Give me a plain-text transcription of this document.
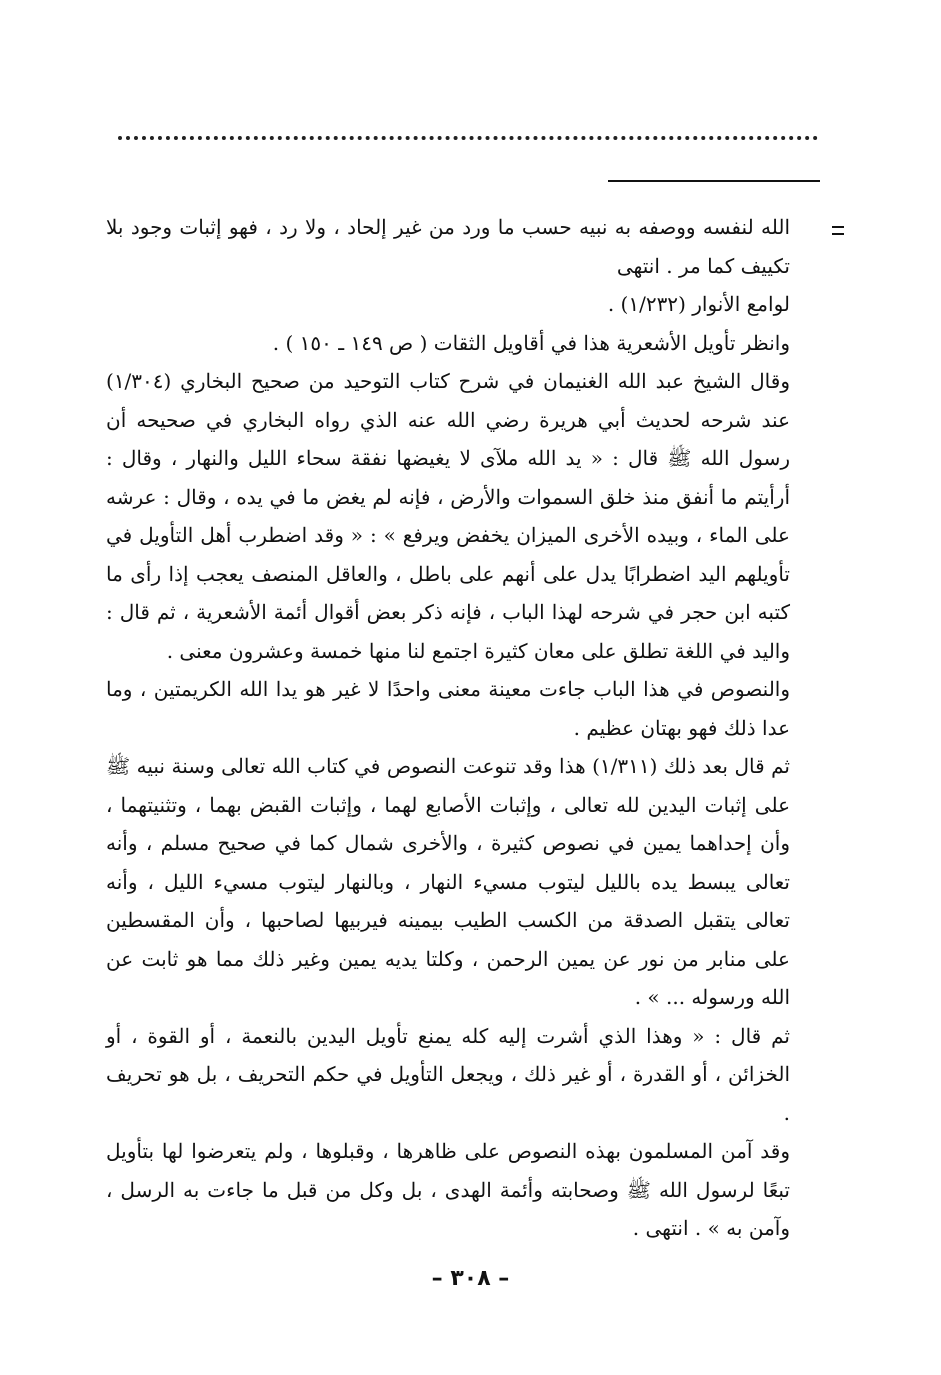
الله لنفسه ووصفه به نبيه حسب ما ورد من غير إلحاد ، ولا رد ، فهو إثبات وجود بلا تكييف كما مر . انتهى

لوامع الأنوار (١/٢٣٢) .

وانظر تأويل الأشعرية هذا في أقاويل الثقات ( ص ١٤٩ ـ ١٥٠ ) .

وقال الشيخ عبد الله الغنيمان في شرح كتاب التوحيد من صحيح البخاري (١/٣٠٤) عند شرحه لحديث أبي هريرة رضي الله عنه الذي رواه البخاري في صحيحه أن رسول الله ﷺ قال : « يد الله ملآى لا يغيضها نفقة سحاء الليل والنهار ، وقال : أرأيتم ما أنفق منذ خلق السموات والأرض ، فإنه لم يغض ما في يده ، وقال : عرشه على الماء ، وبيده الأخرى الميزان يخفض ويرفع » : « وقد اضطرب أهل التأويل في تأويلهم اليد اضطرابًا يدل على أنهم على باطل ، والعاقل المنصف يعجب إذا رأى ما كتبه ابن حجر في شرحه لهذا الباب ، فإنه ذكر بعض أقوال أئمة الأشعرية ، ثم قال : واليد في اللغة تطلق على معان كثيرة اجتمع لنا منها خمسة وعشرون معنى .

والنصوص في هذا الباب جاءت معينة معنى واحدًا لا غير هو يدا الله الكريمتين ، وما عدا ذلك فهو بهتان عظيم .

ثم قال بعد ذلك (١/٣١١) هذا وقد تنوعت النصوص في كتاب الله تعالى وسنة نبيه ﷺ على إثبات اليدين لله تعالى ، وإثبات الأصابع لهما ، وإثبات القبض بهما ، وتثنيتهما ، وأن إحداهما يمين في نصوص كثيرة ، والأخرى شمال كما في صحيح مسلم ، وأنه تعالى يبسط يده بالليل ليتوب مسيء النهار ، وبالنهار ليتوب مسيء الليل ، وأنه تعالى يتقبل الصدقة من الكسب الطيب بيمينه فيربيها لصاحبها ، وأن المقسطين على منابر من نور عن يمين الرحمن ، وكلتا يديه يمين وغير ذلك مما هو ثابت عن الله ورسوله ... » .

ثم قال : « وهذا الذي أشرت إليه كله يمنع تأويل اليدين بالنعمة ، أو القوة ، أو الخزائن ، أو القدرة ، أو غير ذلك ، ويجعل التأويل في حكم التحريف ، بل هو تحريف .

وقد آمن المسلمون بهذه النصوص على ظاهرها ، وقبلوها ، ولم يتعرضوا لها بتأويل تبعًا لرسول الله ﷺ وصحابته وأئمة الهدى ، بل وكل من قبل ما جاءت به الرسل ، وآمن به » . انتهى .

– ٣٠٨ –
